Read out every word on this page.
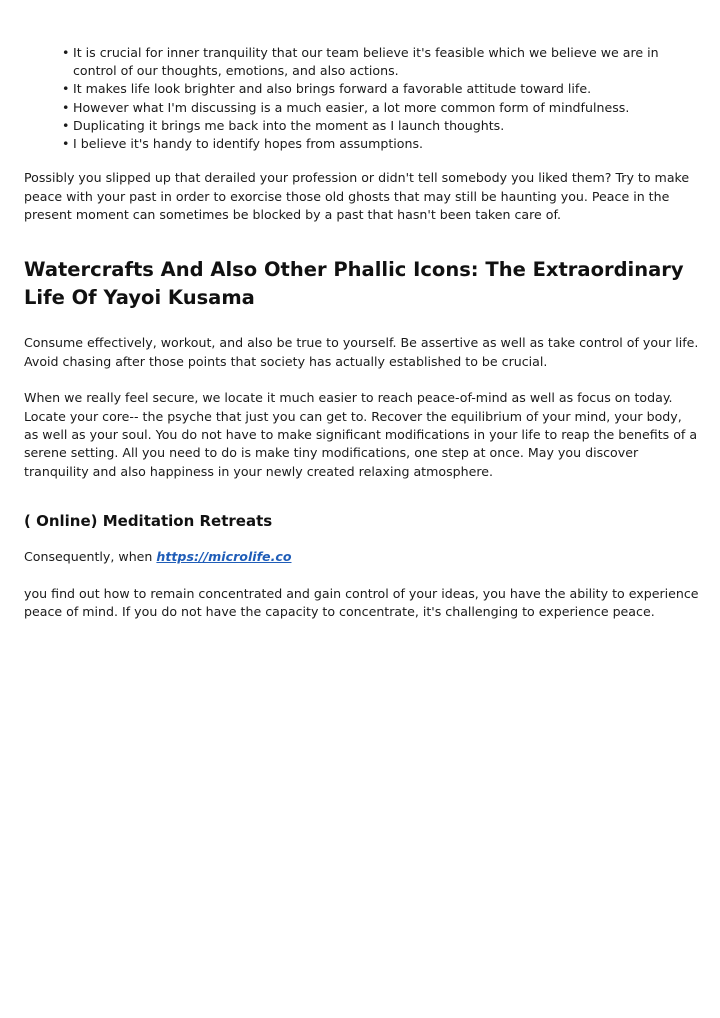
• It is crucial for inner tranquility that our team believe it's feasible which we believe we are in control of our thoughts, emotions, and also actions.
• It makes life look brighter and also brings forward a favorable attitude toward life.
• However what I'm discussing is a much easier, a lot more common form of mindfulness.
• Duplicating it brings me back into the moment as I launch thoughts.
• I believe it's handy to identify hopes from assumptions.

Possibly you slipped up that derailed your profession or didn't tell somebody you liked them? Try to make peace with your past in order to exorcise those old ghosts that may still be haunting you. Peace in the present moment can sometimes be blocked by a past that hasn't been taken care of.

Watercrafts And Also Other Phallic Icons: The Extraordinary Life Of Yayoi Kusama

Consume effectively, workout, and also be true to yourself. Be assertive as well as take control of your life. Avoid chasing after those points that society has actually established to be crucial.

When we really feel secure, we locate it much easier to reach peace-of-mind as well as focus on today. Locate your core-- the psyche that just you can get to. Recover the equilibrium of your mind, your body, as well as your soul. You do not have to make significant modifications in your life to reap the benefits of a serene setting. All you need to do is make tiny modifications, one step at once. May you discover tranquility and also happiness in your newly created relaxing atmosphere.

( Online) Meditation Retreats

Consequently, when https://microlife.co

you find out how to remain concentrated and gain control of your ideas, you have the ability to experience peace of mind. If you do not have the capacity to concentrate, it's challenging to experience peace.
